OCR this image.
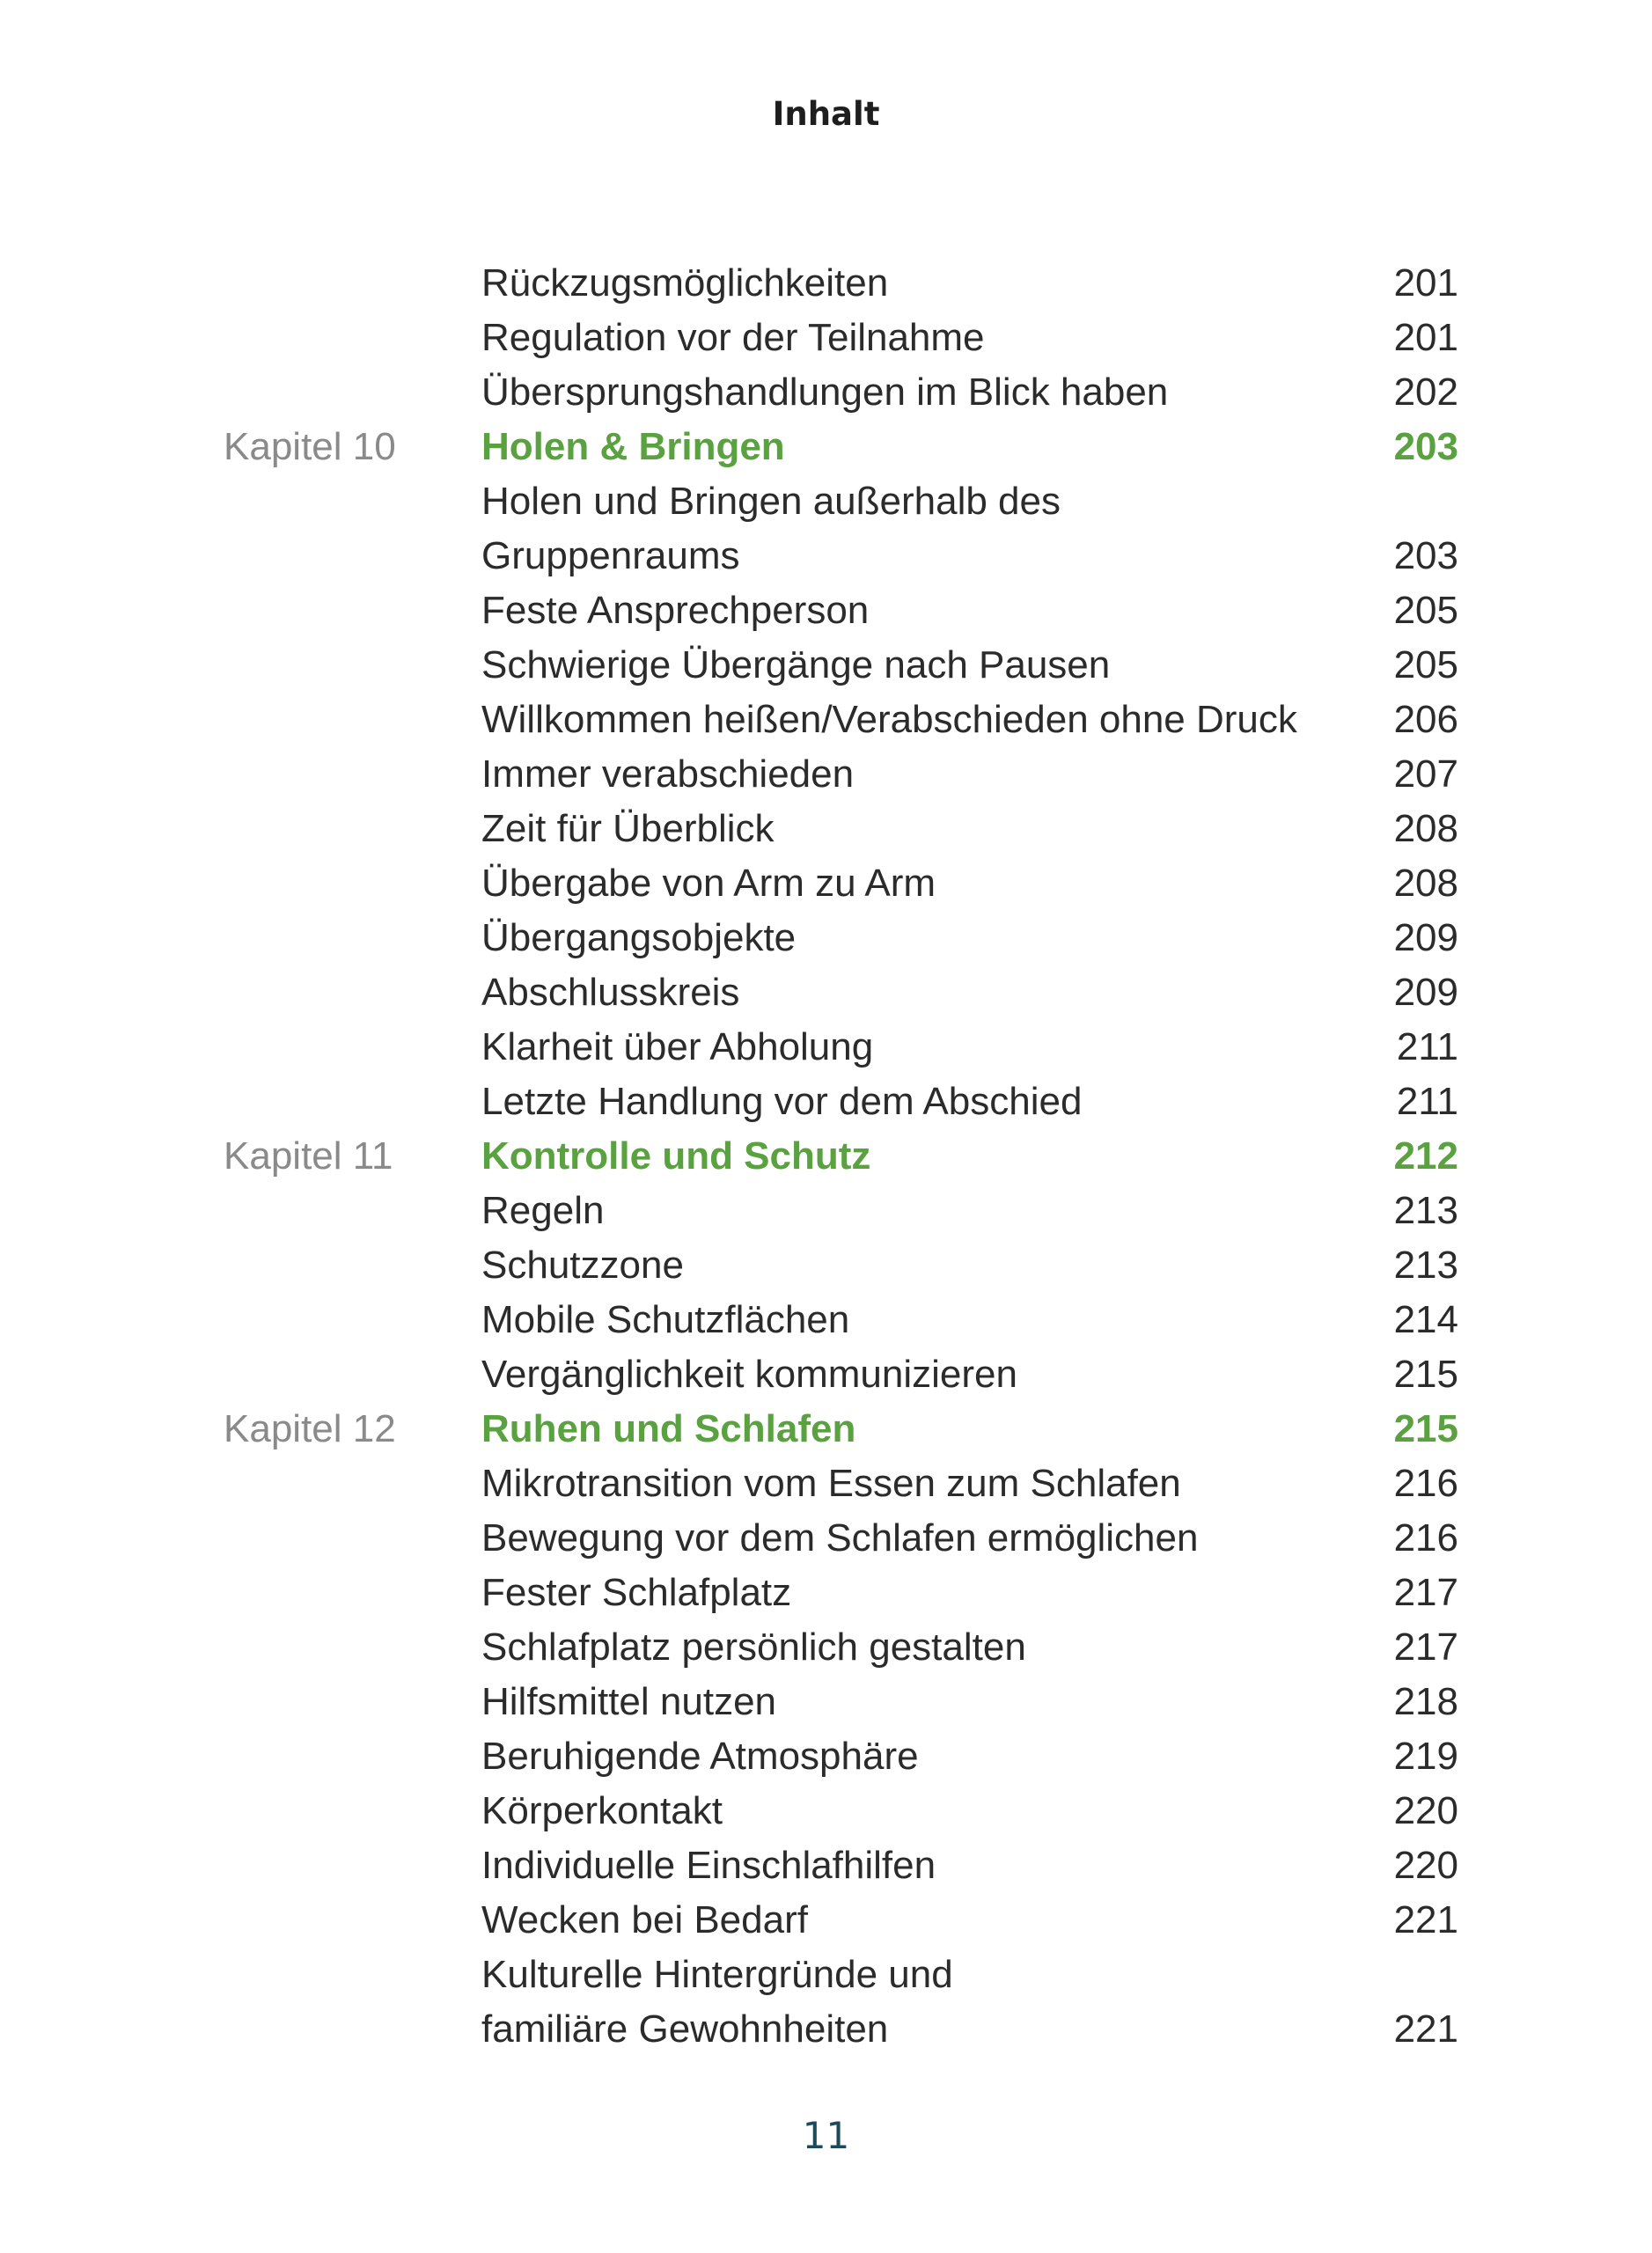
Inhalt
Rückzugsmöglichkeiten	201
Regulation vor der Teilnahme	201
Übersprungshandlungen im Blick haben	202
Kapitel 10 Holen & Bringen	203
Holen und Bringen außerhalb des
Gruppenraums	203
Feste Ansprechperson	205
Schwierige Übergänge nach Pausen	205
Willkommen heißen/Verabschieden ohne Druck 206
Immer verabschieden	207
Zeit für Überblick	208
Übergabe von Arm zu Arm	208
Übergangsobjekte	209
Abschlusskreis	209
Klarheit über Abholung	211
Letzte Handlung vor dem Abschied	211
Kapitel 11 Kontrolle und Schutz	212
Regeln	213
Schutzzone	213
Mobile Schutzflächen	214
Vergänglichkeit kommunizieren	215
Kapitel 12 Ruhen und Schlafen	215
Mikrotransition vom Essen zum Schlafen	216
Bewegung vor dem Schlafen ermöglichen	216
Fester Schlafplatz	217
Schlafplatz persönlich gestalten	217
Hilfsmittel nutzen	218
Beruhigende Atmosphäre	219
Körperkontakt	220
Individuelle Einschlafhilfen	220
Wecken bei Bedarf	221
Kulturelle Hintergründe und
familiäre Gewohnheiten	221
11
